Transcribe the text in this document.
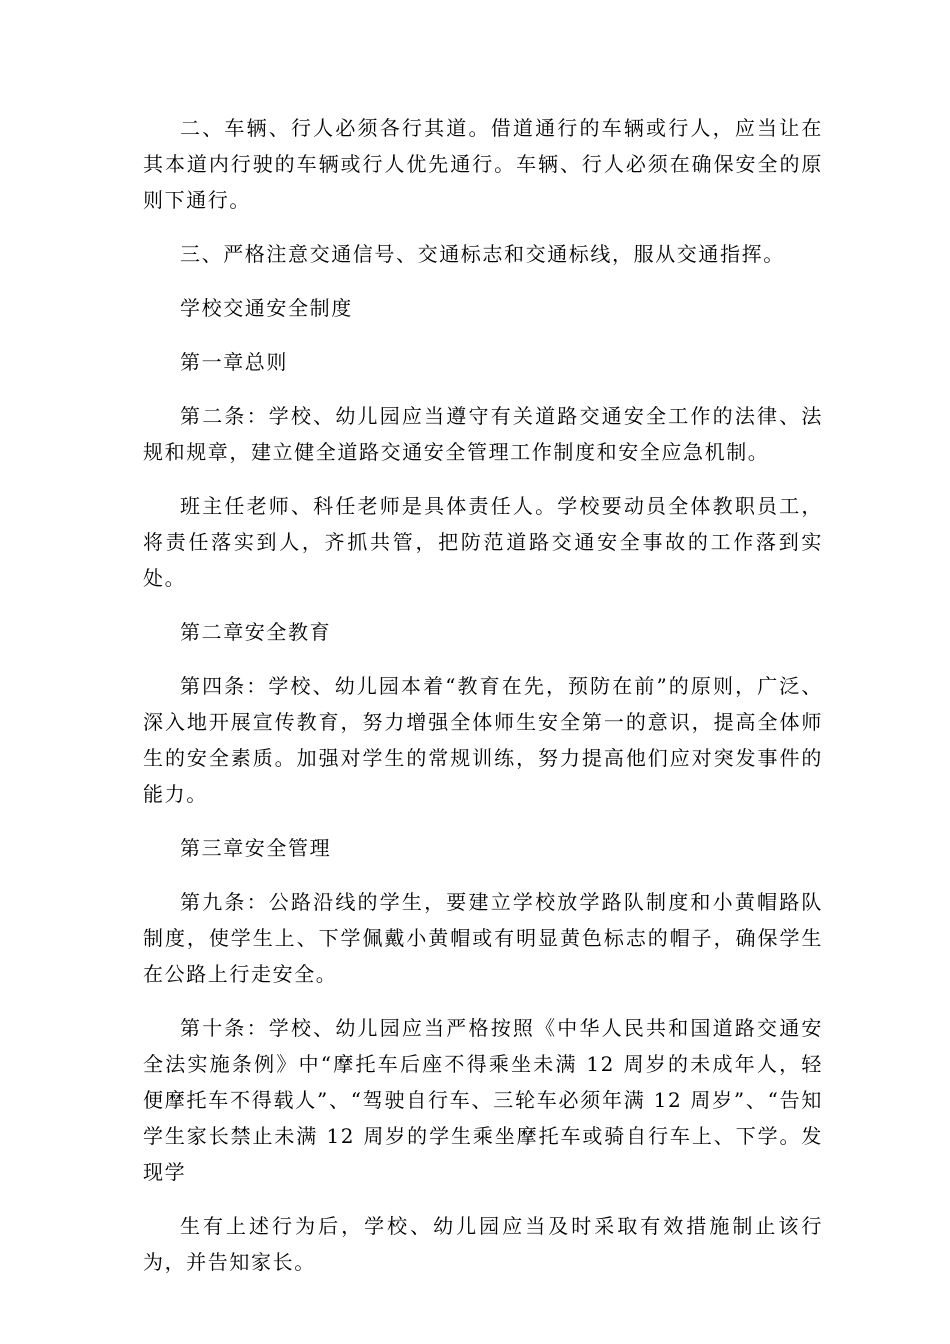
二、车辆、行人必须各行其道。借道通行的车辆或行人，应当让在其本道内行驶的车辆或行人优先通行。车辆、行人必须在确保安全的原则下通行。

三、严格注意交通信号、交通标志和交通标线，服从交通指挥。

学校交通安全制度

第一章总则

第二条：学校、幼儿园应当遵守有关道路交通安全工作的法律、法规和规章，建立健全道路交通安全管理工作制度和安全应急机制。

班主任老师、科任老师是具体责任人。学校要动员全体教职员工，将责任落实到人，齐抓共管，把防范道路交通安全事故的工作落到实处。

第二章安全教育

第四条：学校、幼儿园本着“教育在先，预防在前”的原则，广泛、深入地开展宣传教育，努力增强全体师生安全第一的意识，提高全体师生的安全素质。加强对学生的常规训练，努力提高他们应对突发事件的能力。

第三章安全管理

第九条：公路沿线的学生，要建立学校放学路队制度和小黄帽路队制度，使学生上、下学佩戴小黄帽或有明显黄色标志的帽子，确保学生在公路上行走安全。

第十条：学校、幼儿园应当严格按照《中华人民共和国道路交通安全法实施条例》中“摩托车后座不得乘坐未满 12 周岁的未成年人，轻便摩托车不得载人”、“驾驶自行车、三轮车必须年满 12 周岁”、“告知学生家长禁止未满 12 周岁的学生乘坐摩托车或骑自行车上、下学。发现学

生有上述行为后，学校、幼儿园应当及时采取有效措施制止该行为，并告知家长。
